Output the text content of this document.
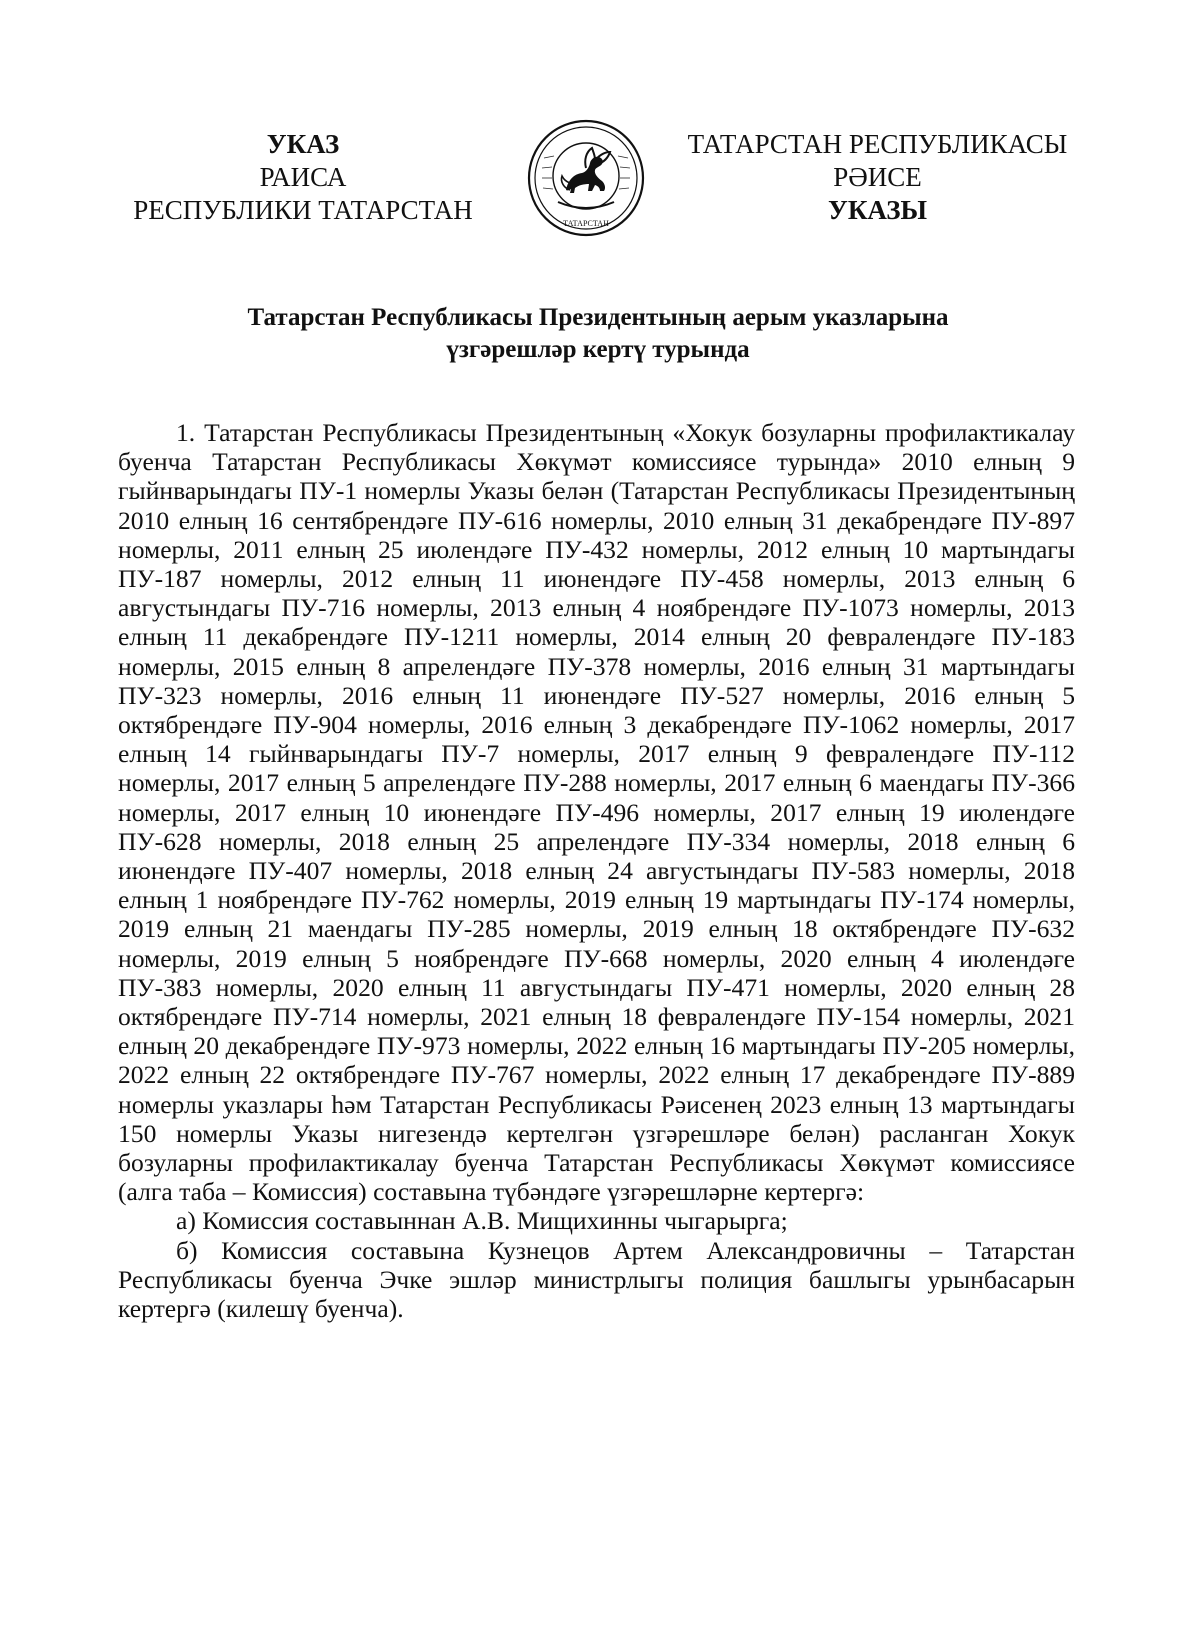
УКАЗ
РАИСА
РЕСПУБЛИКИ ТАТАРСТАН	ТАТАРСТАН
ТАТАРСТАН РЕСПУБЛИКАСЫ
РӘИСЕ
УКАЗЫ
Татарстан Республикасы Президентының аерым указларына
үзгәрешләр кертү турында

1. Татарстан Республикасы Президентының «Хокук бозуларны профилактикалау буенча Татарстан Республикасы Хөкүмәт комиссиясе турында» 2010 елның 9 гыйнварындагы ПУ-1 номерлы Указы белән (Татарстан Республикасы Президентының 2010 елның 16 сентябрендәге ПУ-616 номерлы, 2010 елның 31 декабрендәге ПУ-897 номерлы, 2011 елның 25 июлендәге ПУ-432 номерлы, 2012 елның 10 мартындагы ПУ-187 номерлы, 2012 елның 11 июнендәге ПУ-458 номерлы, 2013 елның 6 августындагы ПУ-716 номерлы, 2013 елның 4 ноябрендәге ПУ-1073 номерлы, 2013 елның 11 декабрендәге ПУ-1211 номерлы, 2014 елның 20 февралендәге ПУ-183 номерлы, 2015 елның 8 апрелендәге ПУ-378 номерлы, 2016 елның 31 мартындагы ПУ-323 номерлы, 2016 елның 11 июнендәге ПУ-527 номерлы, 2016 елның 5 октябрендәге ПУ-904 номерлы, 2016 елның 3 декабрендәге ПУ-1062 номерлы, 2017 елның 14 гыйнварындагы ПУ-7 номерлы, 2017 елның 9 февралендәге ПУ-112 номерлы, 2017 елның 5 апрелендәге ПУ-288 номерлы, 2017 елның 6 маендагы ПУ-366 номерлы, 2017 елның 10 июнендәге ПУ-496 номерлы, 2017 елның 19 июлендәге ПУ-628 номерлы, 2018 елның 25 апрелендәге ПУ-334 номерлы, 2018 елның 6 июнендәге ПУ-407 номерлы, 2018 елның 24 августындагы ПУ-583 номерлы, 2018 елның 1 ноябрендәге ПУ-762 номерлы, 2019 елның 19 мартындагы ПУ-174 номерлы, 2019 елның 21 маендагы ПУ-285 номерлы, 2019 елның 18 октябрендәге ПУ-632 номерлы, 2019 елның 5 ноябрендәге ПУ-668 номерлы, 2020 елның 4 июлендәге ПУ-383 номерлы, 2020 елның 11 августындагы ПУ-471 номерлы, 2020 елның 28 октябрендәге ПУ-714 номерлы, 2021 елның 18 февралендәге ПУ-154 номерлы, 2021 елның 20 декабрендәге ПУ-973 номерлы, 2022 елның 16 мартындагы ПУ-205 номерлы, 2022 елның 22 октябрендәге ПУ-767 номерлы, 2022 елның 17 декабрендәге ПУ-889 номерлы указлары һәм Татарстан Республикасы Рәисенең 2023 елның 13 мартындагы 150 номерлы Указы нигезендә кертелгән үзгәрешләре белән) расланган Хокук бозуларны профилактикалау буенча Татарстан Республикасы Хөкүмәт комиссиясе (алга таба – Комиссия) составына түбәндәге үзгәрешләрне кертергә:

а) Комиссия составыннан А.В. Мищихинны чыгарырга;

б) Комиссия составына Кузнецов Артем Александровичны – Татарстан Республикасы буенча Эчке эшләр министрлыгы полиция башлыгы урынбасарын кертергә (килешү буенча).
